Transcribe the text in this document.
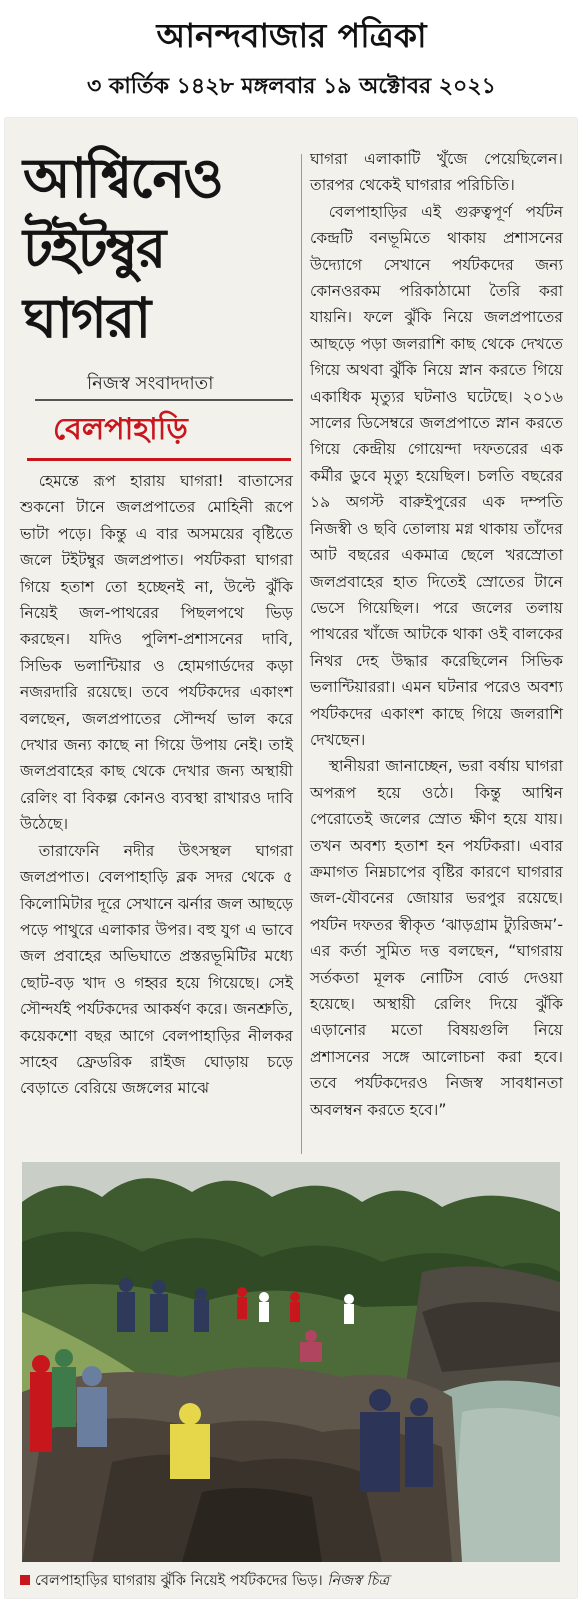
আনন্দবাজার পত্রিকা
৩ কার্তিক ১৪২৮ মঙ্গলবার ১৯ অক্টোবর ২০২১
আশ্বিনেও
টইটম্বুর
ঘাগরা
নিজস্ব সংবাদদাতা
বেলপাহাড়ি

হেমন্তে রূপ হারায় ঘাগরা! বাতাসের শুকনো টানে জলপ্রপাতের মোহিনী রূপে ভাটা পড়ে। কিন্তু এ বার অসময়ের বৃষ্টিতে জলে টইটম্বুর জলপ্রপাত। পর্যটকরা ঘাগরা গিয়ে হতাশ তো হচ্ছেনই না, উল্টে ঝুঁকি নিয়েই জল-পাথরের পিছলপথে ভিড় করছেন। যদিও পুলিশ-প্রশাসনের দাবি, সিভিক ভলান্টিয়ার ও হোমগার্ডদের কড়া নজরদারি রয়েছে। তবে পর্যটকদের একাংশ বলছেন, জলপ্রপাতের সৌন্দর্য ভাল করে দেখার জন্য কাছে না গিয়ে উপায় নেই। তাই জলপ্রবাহের কাছ থেকে দেখার জন্য অস্থায়ী রেলিং বা বিকল্প কোনও ব্যবস্থা রাখারও দাবি উঠেছে।

তারাফেনি নদীর উৎসস্থল ঘাগরা জলপ্রপাত। বেলপাহাড়ি ব্লক সদর থেকে ৫ কিলোমিটার দূরে সেখানে ঝর্নার জল আছড়ে পড়ে পাথুরে এলাকার উপর। বহু যুগ এ ভাবে জল প্রবাহের অভিঘাতে প্রস্তরভূমিটির মধ্যে ছোট-বড় খাদ ও গহ্বর হয়ে গিয়েছে। সেই সৌন্দর্যই পর্যটকদের আকর্ষণ করে। জনশ্রুতি, কয়েকশো বছর আগে বেলপাহাড়ির নীলকর সাহেব ফ্রেডরিক রাইজ ঘোড়ায় চড়ে বেড়াতে বেরিয়ে জঙ্গলের মাঝে

ঘাগরা এলাকাটি খুঁজে পেয়েছিলেন। তারপর থেকেই ঘাগরার পরিচিতি।

বেলপাহাড়ির এই গুরুত্বপূর্ণ পর্যটন কেন্দ্রটি বনভূমিতে থাকায় প্রশাসনের উদ্যোগে সেখানে পর্যটকদের জন্য কোনওরকম পরিকাঠামো তৈরি করা যায়নি। ফলে ঝুঁকি নিয়ে জলপ্রপাতের আছড়ে পড়া জলরাশি কাছ থেকে দেখতে গিয়ে অথবা ঝুঁকি নিয়ে স্নান করতে গিয়ে একাধিক মৃত্যুর ঘটনাও ঘটেছে। ২০১৬ সালের ডিসেম্বরে জলপ্রপাতে স্নান করতে গিয়ে কেন্দ্রীয় গোয়েন্দা দফতরের এক কর্মীর ডুবে মৃত্যু হয়েছিল। চলতি বছরের ১৯ অগস্ট বারুইপুরের এক দম্পতি নিজস্বী ও ছবি তোলায় মগ্ন থাকায় তাঁদের আট বছরের একমাত্র ছেলে খরস্রোতা জলপ্রবাহের হাত দিতেই স্রোতের টানে ভেসে গিয়েছিল। পরে জলের তলায় পাথরের খাঁজে আটকে থাকা ওই বালকের নিথর দেহ উদ্ধার করেছিলেন সিভিক ভলান্টিয়াররা। এমন ঘটনার পরেও অবশ্য পর্যটকদের একাংশ কাছে গিয়ে জলরাশি দেখছেন।

স্থানীয়রা জানাচ্ছেন, ভরা বর্ষায় ঘাগরা অপরূপ হয়ে ওঠে। কিন্তু আশ্বিন পেরোতেই জলের স্রোত ক্ষীণ হয়ে যায়। তখন অবশ্য হতাশ হন পর্যটকরা। এবার ক্রমাগত নিম্নচাপের বৃষ্টির কারণে ঘাগরার জল-যৌবনের জোয়ার ভরপুর রয়েছে। পর্যটন দফতর স্বীকৃত ‘ঝাড়গ্রাম ট্যুরিজম’-এর কর্তা সুমিত দত্ত বলছেন, “ঘাগরায় সর্তকতা মূলক নোটিস বোর্ড দেওয়া হয়েছে। অস্থায়ী রেলিং দিয়ে ঝুঁকি এড়ানোর মতো বিষয়গুলি নিয়ে প্রশাসনের সঙ্গে আলোচনা করা হবে। তবে পর্যটকদেরও নিজস্ব সাবধানতা অবলম্বন করতে হবে।”

বেলপাহাড়ির ঘাগরায় ঝুঁকি নিয়েই পর্যটকদের ভিড়। নিজস্ব চিত্র
